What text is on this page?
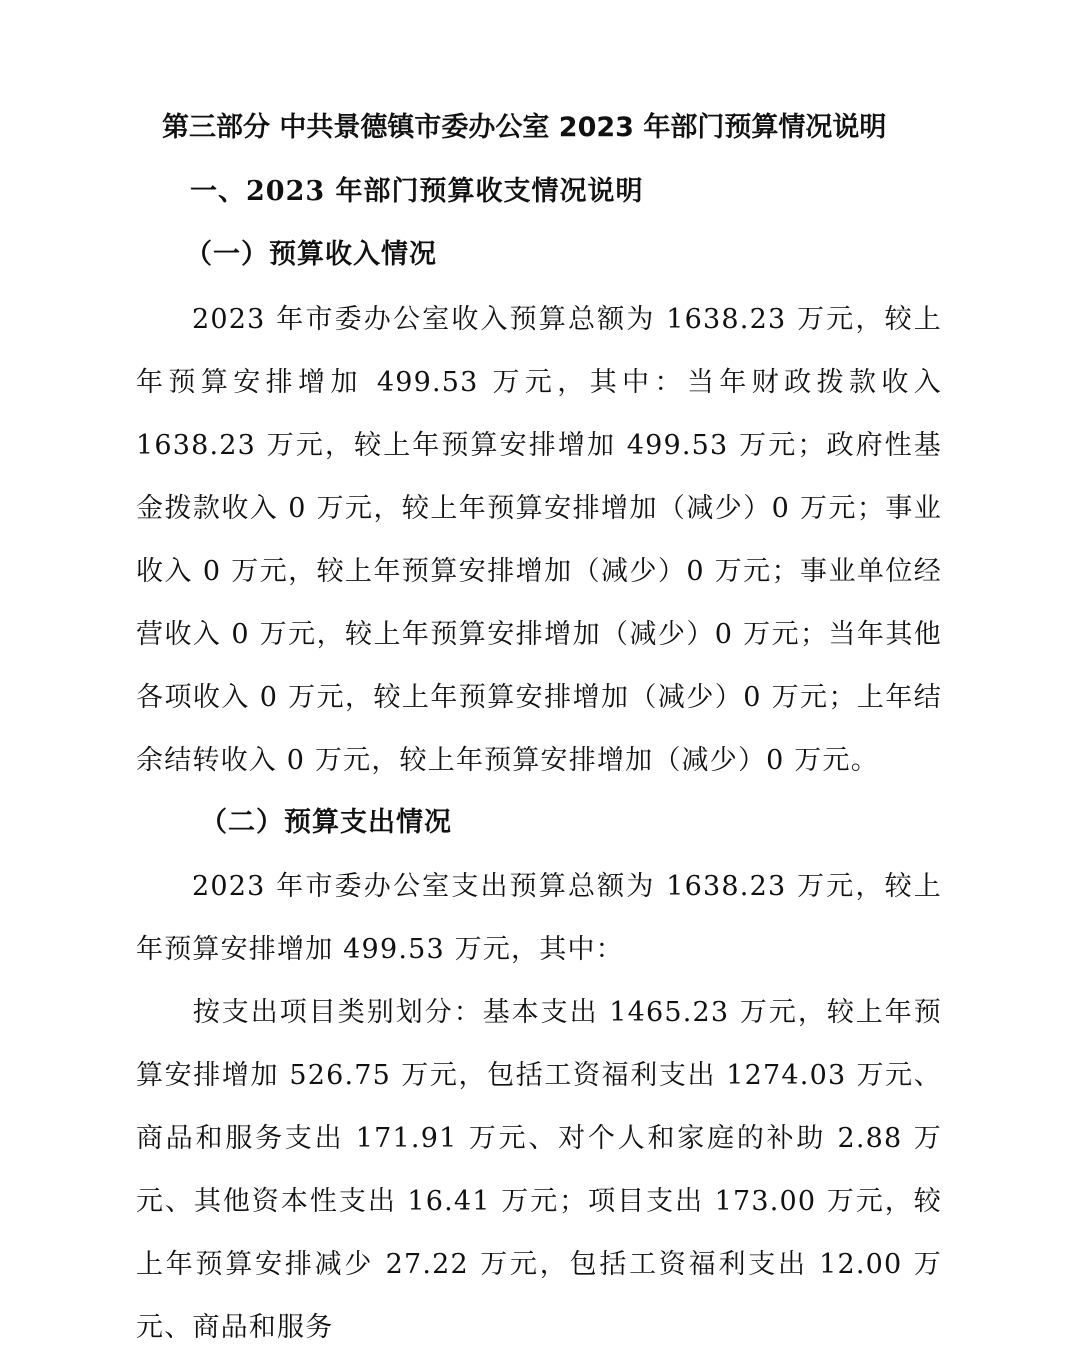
第三部分 中共景德镇市委办公室 2023 年部门预算情况说明
一、2023 年部门预算收支情况说明
（一）预算收入情况

2023 年市委办公室收入预算总额为 1638.23 万元，较上年预算安排增加 499.53 万元，其中：当年财政拨款收入 1638.23 万元，较上年预算安排增加 499.53 万元；政府性基金拨款收入 0 万元，较上年预算安排增加（减少）0 万元；事业收入 0 万元，较上年预算安排增加（减少）0 万元；事业单位经营收入 0 万元，较上年预算安排增加（减少）0 万元；当年其他各项收入 0 万元，较上年预算安排增加（减少）0 万元；上年结余结转收入 0 万元，较上年预算安排增加（减少）0 万元。

（二）预算支出情况

2023 年市委办公室支出预算总额为 1638.23 万元，较上年预算安排增加 499.53 万元，其中：

按支出项目类别划分：基本支出 1465.23 万元，较上年预算安排增加 526.75 万元，包括工资福利支出 1274.03 万元、商品和服务支出 171.91 万元、对个人和家庭的补助 2.88 万元、其他资本性支出 16.41 万元；项目支出 173.00 万元，较上年预算安排减少 27.22 万元，包括工资福利支出 12.00 万元、商品和服务
